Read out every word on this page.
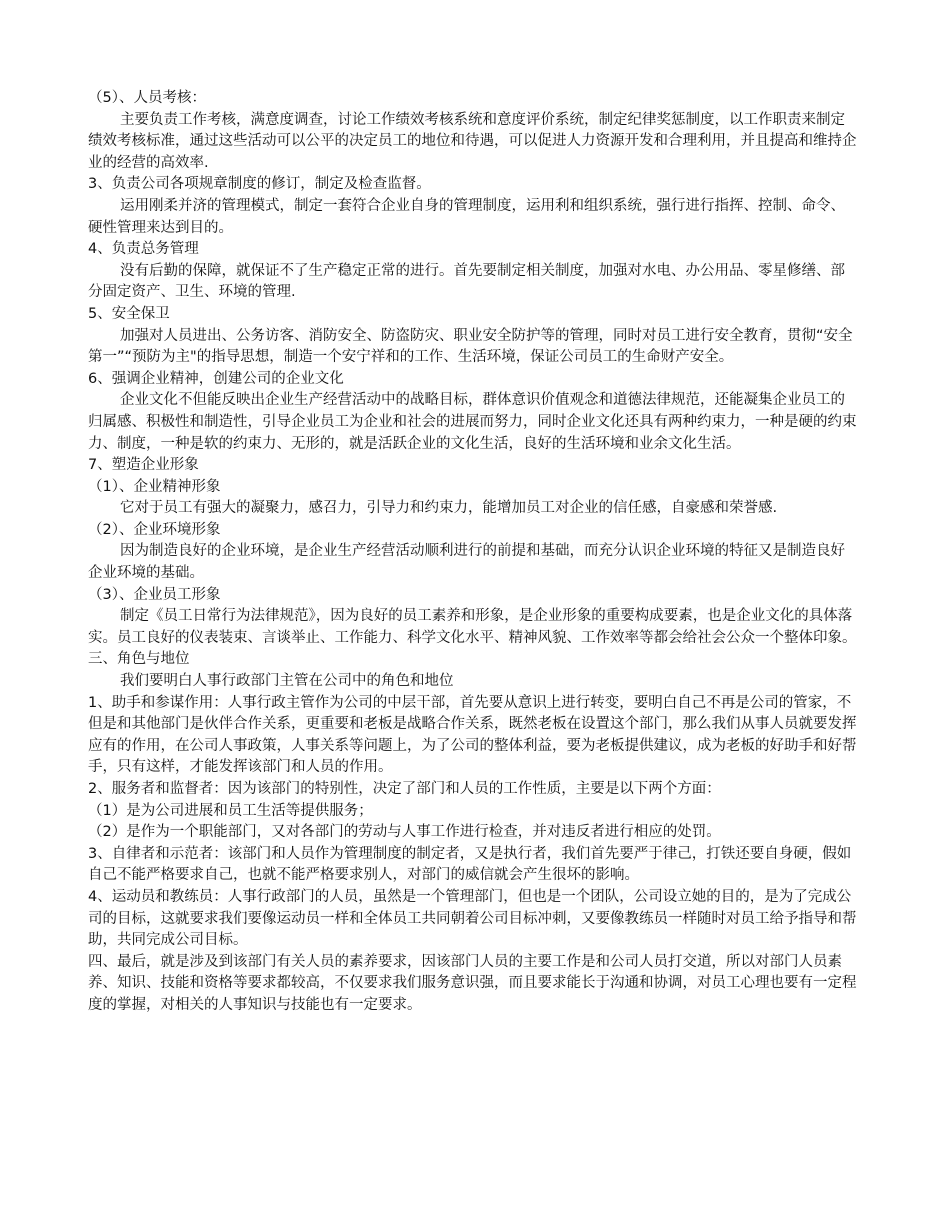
（5）、人员考核：

主要负责工作考核，满意度调查，讨论工作绩效考核系统和意度评价系统，制定纪律奖惩制度，以工作职责来制定绩效考核标准，通过这些活动可以公平的决定员工的地位和待遇，可以促进人力资源开发和合理利用，并且提高和维持企业的经营的高效率.

3、负责公司各项规章制度的修订，制定及检查监督。

运用刚柔并济的管理模式，制定一套符合企业自身的管理制度，运用利和组织系统，强行进行指挥、控制、命令、硬性管理来达到目的。

4、负责总务管理

没有后勤的保障，就保证不了生产稳定正常的进行。首先要制定相关制度，加强对水电、办公用品、零星修缮、部分固定资产、卫生、环境的管理.

5、安全保卫

加强对人员进出、公务访客、消防安全、防盗防灾、职业安全防护等的管理，同时对员工进行安全教育，贯彻“安全第一”“预防为主"的指导思想，制造一个安宁祥和的工作、生活环境，保证公司员工的生命财产安全。

6、强调企业精神，创建公司的企业文化

企业文化不但能反映出企业生产经营活动中的战略目标，群体意识价值观念和道德法律规范，还能凝集企业员工的归属感、积极性和制造性，引导企业员工为企业和社会的进展而努力，同时企业文化还具有两种约束力，一种是硬的约束力、制度，一种是软的约束力、无形的，就是活跃企业的文化生活，良好的生活环境和业余文化生活。

7、塑造企业形象

（1）、企业精神形象

它对于员工有强大的凝聚力，感召力，引导力和约束力，能增加员工对企业的信任感，自豪感和荣誉感.

（2）、企业环境形象

因为制造良好的企业环境，是企业生产经营活动顺利进行的前提和基础，而充分认识企业环境的特征又是制造良好企业环境的基础。

（3）、企业员工形象

制定《员工日常行为法律规范》，因为良好的员工素养和形象，是企业形象的重要构成要素，也是企业文化的具体落实。员工良好的仪表装束、言谈举止、工作能力、科学文化水平、精神风貌、工作效率等都会给社会公众一个整体印象。

三、角色与地位

我们要明白人事行政部门主管在公司中的角色和地位

1、助手和参谋作用：人事行政主管作为公司的中层干部，首先要从意识上进行转变，要明白自己不再是公司的管家，不但是和其他部门是伙伴合作关系，更重要和老板是战略合作关系，既然老板在设置这个部门，那么我们从事人员就要发挥应有的作用，在公司人事政策，人事关系等问题上，为了公司的整体利益，要为老板提供建议，成为老板的好助手和好帮手，只有这样，才能发挥该部门和人员的作用。

2、服务者和监督者：因为该部门的特别性，决定了部门和人员的工作性质，主要是以下两个方面：

（1）是为公司进展和员工生活等提供服务；

（2）是作为一个职能部门，又对各部门的劳动与人事工作进行检查，并对违反者进行相应的处罚。

3、自律者和示范者：该部门和人员作为管理制度的制定者，又是执行者，我们首先要严于律己，打铁还要自身硬，假如自己不能严格要求自己，也就不能严格要求别人，对部门的威信就会产生很坏的影响。

4、运动员和教练员：人事行政部门的人员，虽然是一个管理部门，但也是一个团队，公司设立她的目的，是为了完成公司的目标，这就要求我们要像运动员一样和全体员工共同朝着公司目标冲刺，又要像教练员一样随时对员工给予指导和帮助，共同完成公司目标。

四、最后，就是涉及到该部门有关人员的素养要求，因该部门人员的主要工作是和公司人员打交道，所以对部门人员素养、知识、技能和资格等要求都较高，不仅要求我们服务意识强，而且要求能长于沟通和协调，对员工心理也要有一定程度的掌握，对相关的人事知识与技能也有一定要求。
